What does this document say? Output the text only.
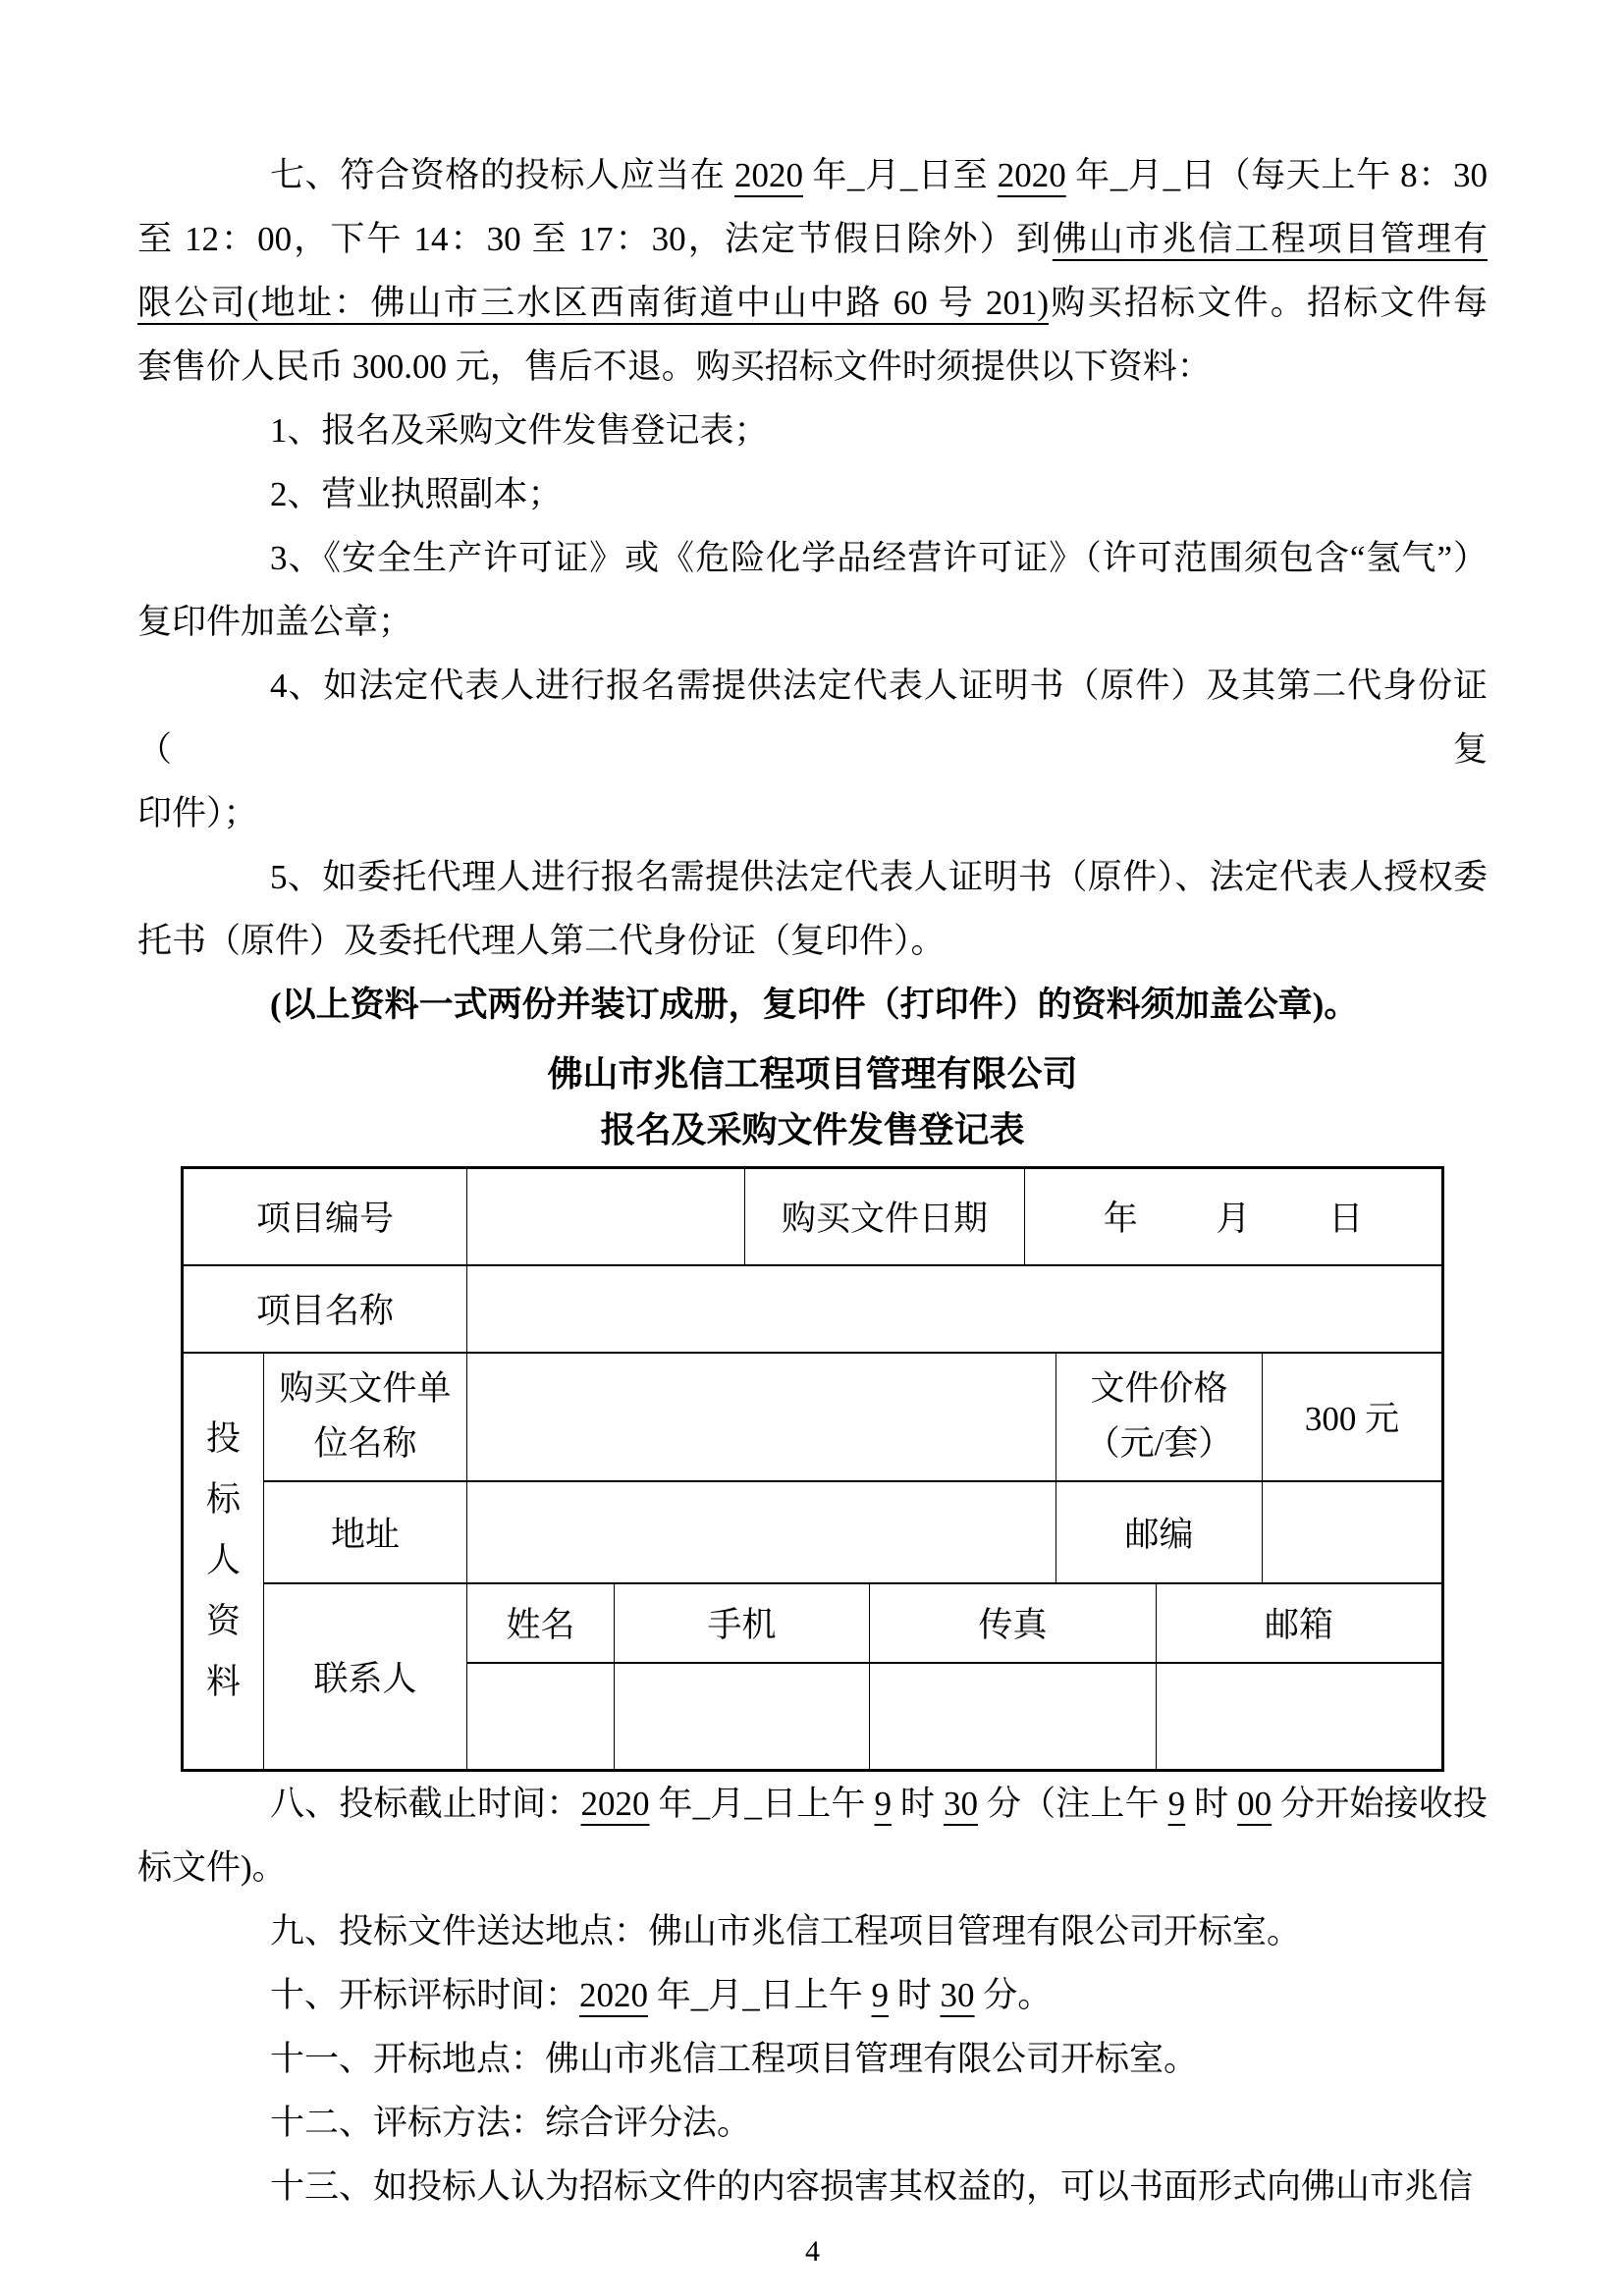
七、符合资格的投标人应当在 2020 年_月_日至 2020 年_月_日（每天上午 8：30
至 12：00，下午 14：30 至 17：30，法定节假日除外）到佛山市兆信工程项目管理有
限公司(地址：佛山市三水区西南街道中山中路 60 号 201)购买招标文件。招标文件每
套售价人民币 300.00 元，售后不退。购买招标文件时须提供以下资料：
1、报名及采购文件发售登记表；
2、营业执照副本；
3、《安全生产许可证》或《危险化学品经营许可证》（许可范围须包含“氢气”）
复印件加盖公章；
4、如法定代表人进行报名需提供法定代表人证明书（原件）及其第二代身份证（复
印件）；
5、如委托代理人进行报名需提供法定代表人证明书（原件）、法定代表人授权委
托书（原件）及委托代理人第二代身份证（复印件）。
(以上资料一式两份并装订成册，复印件（打印件）的资料须加盖公章)。
佛山市兆信工程项目管理有限公司
报名及采购文件发售登记表
项目编号				购买文件日期		年 月 日			

项目名称									

投标人资料	购买文件单位名称						文件价格
（元/套）		300 元
	地址						邮编		
	联系人	姓名	手机		传真			邮箱	

八、投标截止时间：2020 年_月_日上午 9 时 30 分（注上午 9 时 00 分开始接收投
标文件)。
九、投标文件送达地点：佛山市兆信工程项目管理有限公司开标室。
十、开标评标时间：2020 年_月_日上午 9 时 30 分。
十一、开标地点：佛山市兆信工程项目管理有限公司开标室。
十二、评标方法：综合评分法。
十三、如投标人认为招标文件的内容损害其权益的，可以书面形式向佛山市兆信
4
